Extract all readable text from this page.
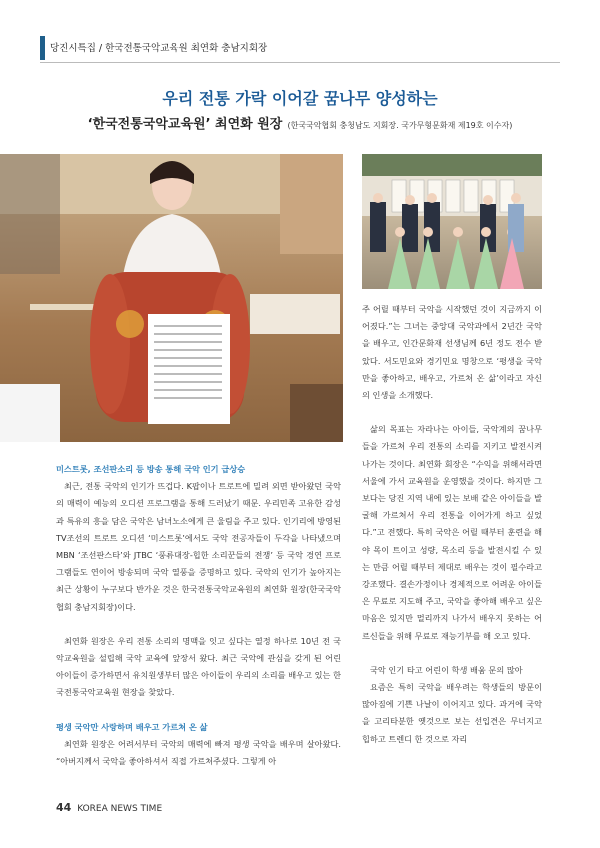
당진시특집 / 한국전통국악교육원 최연화 충남지회장
우리 전통 가락 이어갈 꿈나무 양성하는
‘한국전통국악교육원’ 최연화 원장 (한국국악협회 충청남도 지회장. 국가무형문화재 제19호 이수자)
미스트롯, 조선판소리 등 방송 통해 국악 인기 급상승

최근, 전통 국악의 인기가 뜨겁다. K팝이나 트로트에 밀려 외면 받아왔던 국악의 매력이 예능의 오디션 프로그램을 통해 드러났기 때문. 우리민족 고유한 감성과 특유의 흥을 담은 국악은 남녀노소에게 큰 울림을 주고 있다. 인기리에 방영된 TV조선의 트로트 오디션 ‘미스트롯’에서도 국악 전공자들이 두각을 나타냈으며 MBN ‘조선판스타’와 JTBC ‘풍류대장-힙한 소리꾼들의 전쟁’ 등 국악 경연 프로그램들도 연이어 방송되며 국악 열풍을 증명하고 있다. 국악의 인기가 높아지는 최근 상황이 누구보다 반가운 것은 한국전통국악교육원의 최연화 원장(한국국악협회 충남지회장)이다.

최연화 원장은 우리 전통 소리의 명맥을 잇고 싶다는 열정 하나로 10년 전 국악교육원을 설립해 국악 교육에 앞장서 왔다. 최근 국악에 관심을 갖게 된 어린 아이들이 증가하면서 유치원생부터 많은 아이들이 우리의 소리를 배우고 있는 한국전통국악교육원 현장을 찾았다.

평생 국악만 사랑하며 배우고 가르쳐 온 삶

최연화 원장은 어려서부터 국악의 매력에 빠져 평생 국악을 배우며 살아왔다. “아버지께서 국악을 좋아하셔서 직접 가르쳐주셨다. 그렇게 아

주 어릴 때부터 국악을 시작했던 것이 지금까지 이어졌다.”는 그녀는 중앙대 국악과에서 2년간 국악을 배우고, 인간문화재 선생님께 6년 정도 전수 받았다. 서도민요와 경기민요 명창으로 ‘평생을 국악만을 좋아하고, 배우고, 가르쳐 온 삶’이라고 자신의 인생을 소개했다.

삶의 목표는 자라나는 아이들, 국악계의 꿈나무들을 가르쳐 우리 전통의 소리를 지키고 발전시켜나가는 것이다. 최연화 회장은 “수익을 위해서라면 서울에 가서 교육원을 운영했을 것이다. 하지만 그보다는 당진 지역 내에 있는 보배 같은 아이들을 발굴해 가르쳐서 우리 전통을 이어가게 하고 싶었다.”고 전했다. 특히 국악은 어릴 때부터 훈련을 해야 목이 트이고 성량, 목소리 등을 발전시킬 수 있는 만큼 어릴 때부터 제대로 배우는 것이 필수라고 강조했다. 결손가정이나 경제적으로 어려운 아이들은 무료로 지도해 주고, 국악을 좋아해 배우고 싶은 마음은 있지만 멀리까지 나가서 배우지 못하는 어르신들을 위해 무료로 재능기부를 해 오고 있다.

국악 인기 타고 어린이 학생 배움 문의 많아

요즘은 특히 국악을 배우려는 학생들의 방문이 많아짐에 기쁜 나날이 이어지고 있다. 과거에 국악을 고리타분한 옛것으로 보는 선입견은 무너지고 힙하고 트렌디 한 것으로 자리

44 KOREA NEWS TIME
